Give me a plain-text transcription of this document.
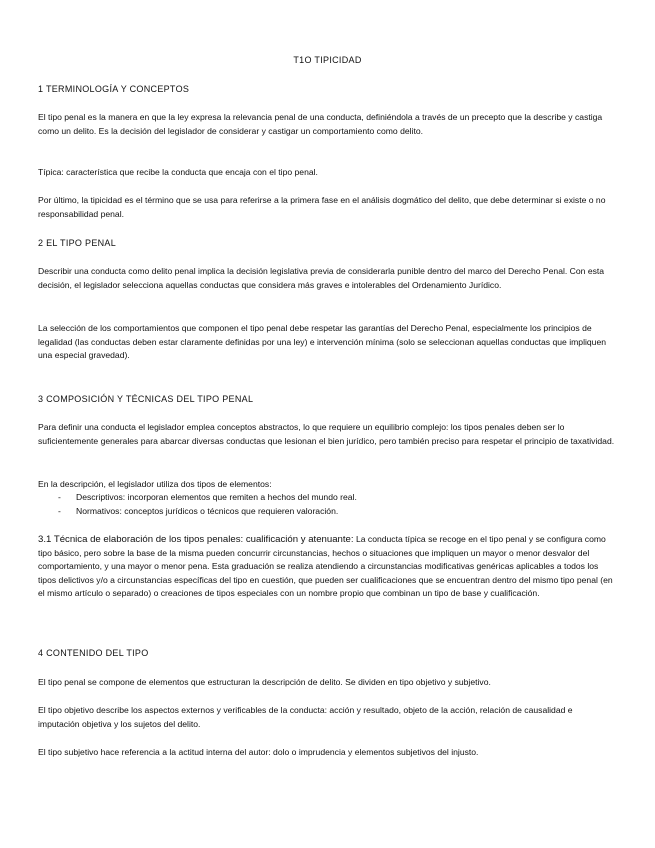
T1O TIPICIDAD
1 TERMINOLOGÍA Y CONCEPTOS
El tipo penal es la manera en que la ley expresa la relevancia penal de una conducta, definiéndola a través de un precepto que la describe y castiga como un delito. Es la decisión del legislador de considerar y castigar un comportamiento como delito.
Típica: característica que recibe la conducta que encaja con el tipo penal.
Por último, la tipicidad es el término que se usa para referirse a la primera fase en el análisis dogmático del delito, que debe determinar si existe o no responsabilidad penal.
2 EL TIPO PENAL
Describir una conducta como delito penal implica la decisión legislativa previa de considerarla punible dentro del marco del Derecho Penal. Con esta decisión, el legislador selecciona aquellas conductas que considera más graves e intolerables del Ordenamiento Jurídico.
La selección de los comportamientos que componen el tipo penal debe respetar las garantías del Derecho Penal, especialmente los principios de legalidad (las conductas deben estar claramente definidas por una ley) e intervención mínima (solo se seleccionan aquellas conductas que impliquen una especial gravedad).
3 COMPOSICIÓN Y TÉCNICAS DEL TIPO PENAL
Para definir una conducta el legislador emplea conceptos abstractos, lo que requiere un equilibrio complejo: los tipos penales deben ser lo suficientemente generales para abarcar diversas conductas que lesionan el bien jurídico, pero también preciso para respetar el principio de taxatividad.
En la descripción, el legislador utiliza dos tipos de elementos:
- Descriptivos: incorporan elementos que remiten a hechos del mundo real.
- Normativos: conceptos jurídicos o técnicos que requieren valoración.
3.1 Técnica de elaboración de los tipos penales: cualificación y atenuante: La conducta típica se recoge en el tipo penal y se configura como tipo básico, pero sobre la base de la misma pueden concurrir circunstancias, hechos o situaciones que impliquen un mayor o menor desvalor del comportamiento, y una mayor o menor pena. Esta graduación se realiza atendiendo a circunstancias modificativas genéricas aplicables a todos los tipos delictivos y/o a circunstancias específicas del tipo en cuestión, que pueden ser cualificaciones que se encuentran dentro del mismo tipo penal (en el mismo artículo o separado) o creaciones de tipos especiales con un nombre propio que combinan un tipo de base y cualificación.
4 CONTENIDO DEL TIPO
El tipo penal se compone de elementos que estructuran la descripción de delito. Se dividen en tipo objetivo y subjetivo.
El tipo objetivo describe los aspectos externos y verificables de la conducta: acción y resultado, objeto de la acción, relación de causalidad e imputación objetiva y los sujetos del delito.
El tipo subjetivo hace referencia a la actitud interna del autor: dolo o imprudencia y elementos subjetivos del injusto.
